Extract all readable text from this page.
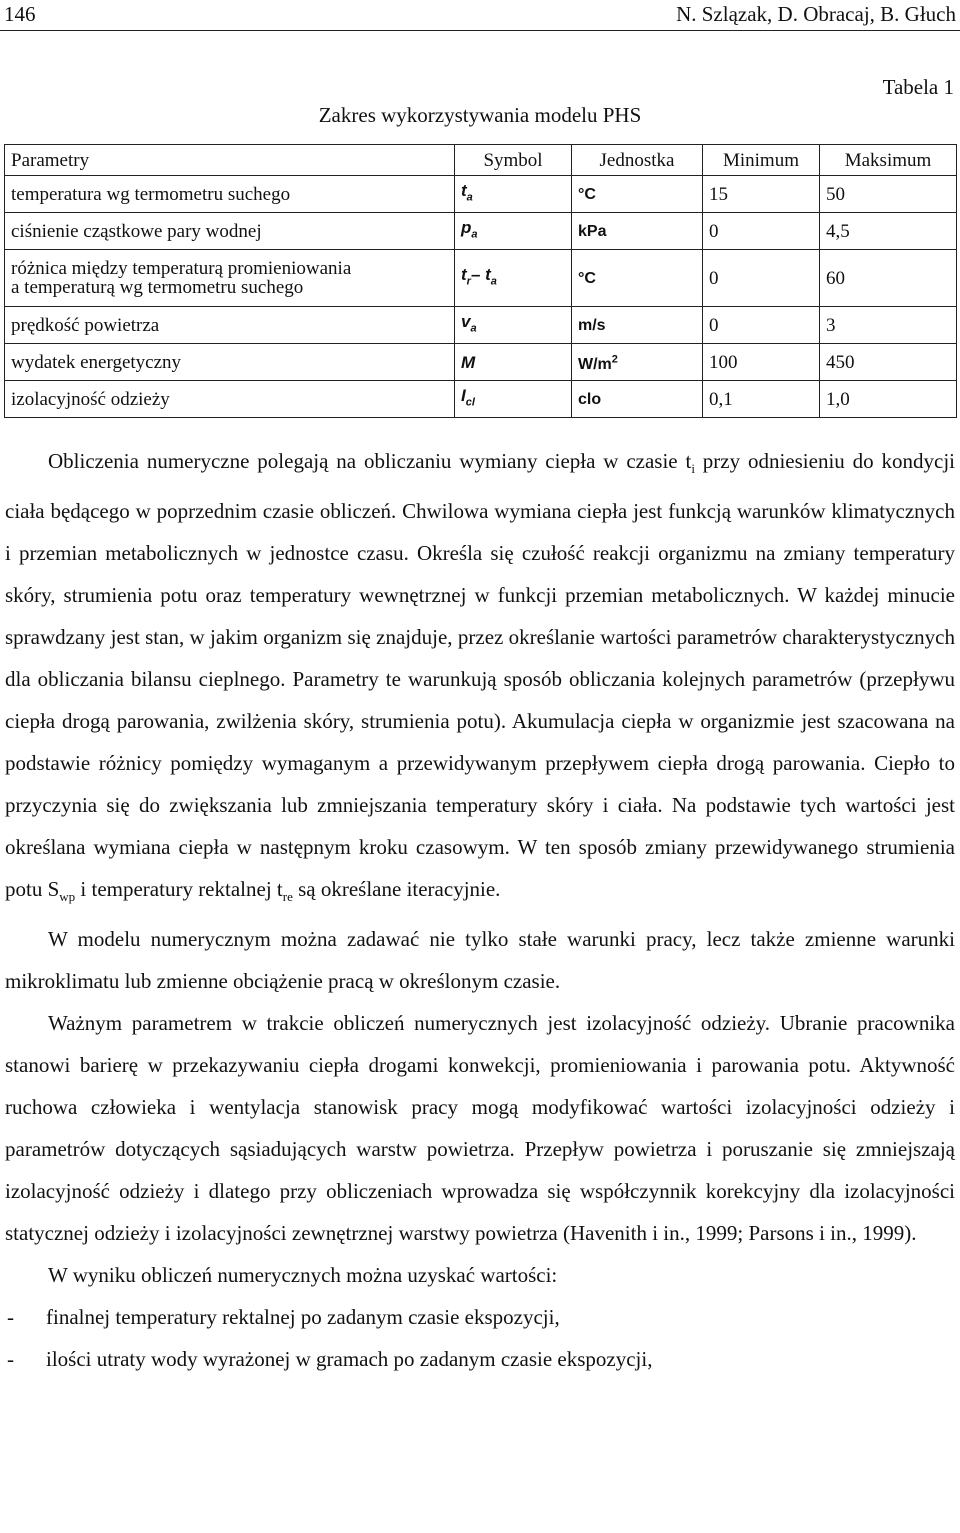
146	N. Szlązak, D. Obracaj, B. Głuch
Tabela 1
Zakres wykorzystywania modelu PHS
Parametry	Symbol	Jednostka	Minimum	Maksimum
temperatura wg termometru suchego	$t_a$	°C	15	50
ciśnienie cząstkowe pary wodnej	$p_a$	kPa	0	4,5

różnica między temperaturą promieniowania
a temperaturą wg termometru suchego	$t_r-$ $t_a$	°C	0	60
prędkość powietrza	$v_a$	m/s	0	3
wydatek energetyczny	M	$W/m^2$	100	450
izolacyjność odzieży	$I_{cl}$	clo	0,1	1,0

Obliczenia numeryczne polegają na obliczaniu wymiany ciepła w czasie $t_i$ przy odniesieniu do kondycji ciała będącego w poprzednim czasie obliczeń. Chwilowa wymiana ciepła jest funkcją warunków klimatycznych i przemian metabolicznych w jednostce czasu. Określa się czułość reakcji organizmu na zmiany temperatury skóry, strumienia potu oraz temperatury wewnętrznej w funkcji przemian metabolicznych. W każdej minucie sprawdzany jest stan, w jakim organizm się znajduje, przez określanie wartości parametrów charakterystycznych dla obliczania bilansu cieplnego. Parametry te warunkują sposób obliczania kolejnych parametrów (przepływu ciepła drogą parowania, zwilżenia skóry, strumienia potu). Akumulacja ciepła w organizmie jest szacowana na podstawie różnicy pomiędzy wymaganym a przewidywanym przepływem ciepła drogą parowania. Ciepło to przyczynia się do zwiększania lub zmniejszania temperatury skóry i ciała. Na podstawie tych wartości jest określana wymiana ciepła w następnym kroku czasowym. W ten sposób zmiany przewidywanego strumienia potu $S_{wp}$ i temperatury rektalnej $t_{re}$ są określane iteracyjnie.

W modelu numerycznym można zadawać nie tylko stałe warunki pracy, lecz także zmienne warunki mikroklimatu lub zmienne obciążenie pracą w określonym czasie.

Ważnym parametrem w trakcie obliczeń numerycznych jest izolacyjność odzieży. Ubranie pracownika stanowi barierę w przekazywaniu ciepła drogami konwekcji, promieniowania i parowania potu. Aktywność ruchowa człowieka i wentylacja stanowisk pracy mogą modyfikować wartości izolacyjności odzieży i parametrów dotyczących sąsiadujących warstw powietrza. Przepływ powietrza i poruszanie się zmniejszają izolacyjność odzieży i dlatego przy obliczeniach wprowadza się współczynnik korekcyjny dla izolacyjności statycznej odzieży i izolacyjności zewnętrznej warstwy powietrza (Havenith i in., 1999; Parsons i in., 1999).

W wyniku obliczeń numerycznych można uzyskać wartości:

- finalnej temperatury rektalnej po zadanym czasie ekspozycji,
- ilości utraty wody wyrażonej w gramach po zadanym czasie ekspozycji,
